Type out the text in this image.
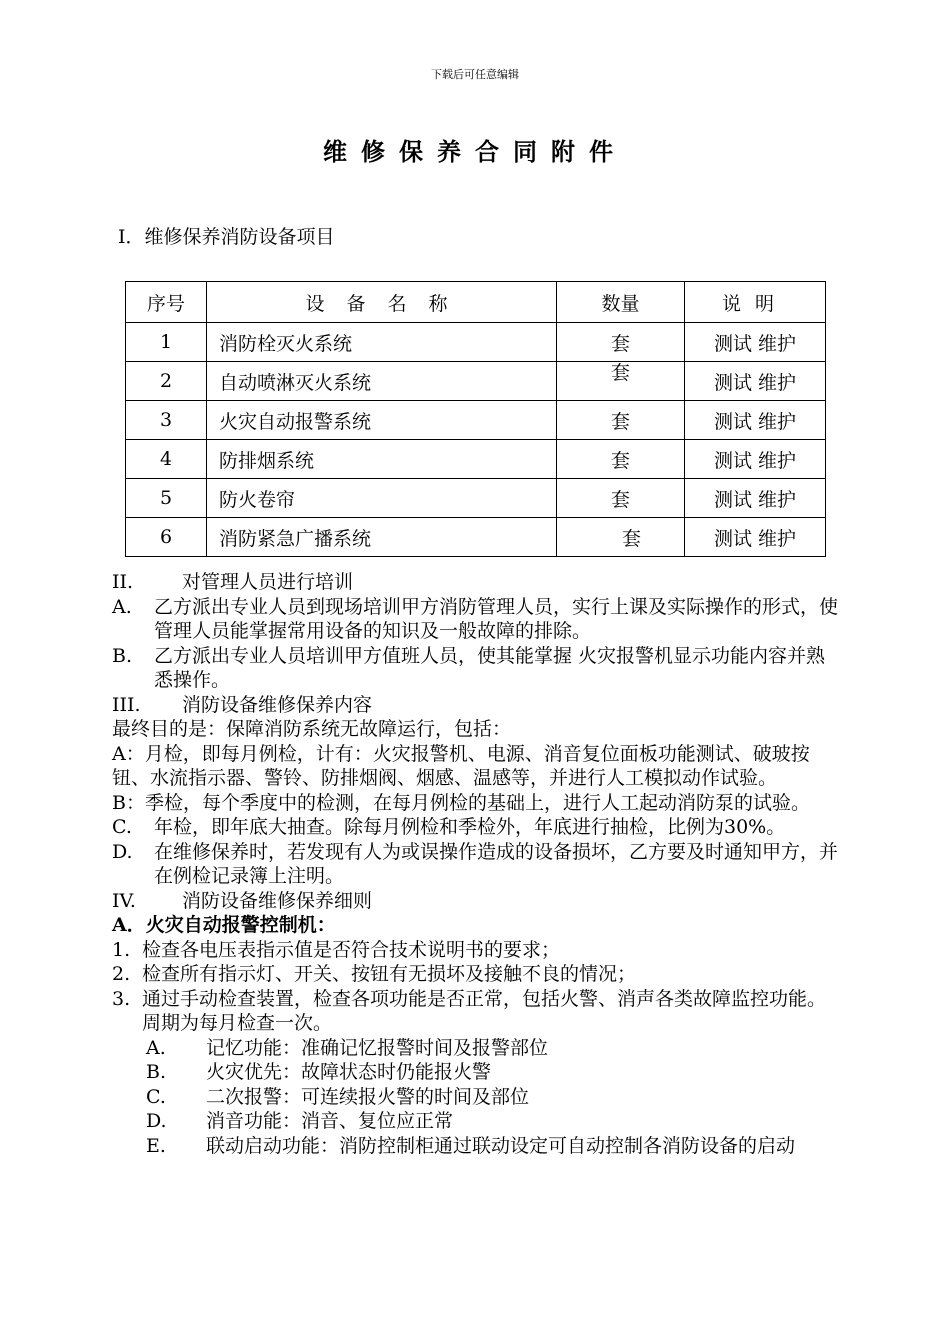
下载后可任意编辑
维修保养合同附件
I．维修保养消防设备项目
序号	设备名称	数量	说明
1	消防栓灭火系统	套	测试 维护
2	自动喷淋灭火系统	套	测试 维护
3	火灾自动报警系统	套	测试 维护
4	防排烟系统	套	测试 维护
5	防火卷帘	套	测试 维护
6	消防紧急广播系统	套	测试 维护
II.	对管理人员进行培训
A.	乙方派出专业人员到现场培训甲方消防管理人员，实行上课及实际操作的形式，使管理人员能掌握常用设备的知识及一般故障的排除。
B.	乙方派出专业人员培训甲方值班人员，使其能掌握 火灾报警机显示功能内容并熟悉操作。
III.	消防设备维修保养内容
最终目的是：保障消防系统无故障运行，包括：
A：月检，即每月例检，计有：火灾报警机、电源、消音复位面板功能测试、破玻按钮、水流指示器、警铃、防排烟阀、烟感、温感等，并进行人工模拟动作试验。
B：季检，每个季度中的检测，在每月例检的基础上，进行人工起动消防泵的试验。
C.	年检，即年底大抽查。除每月例检和季检外，年底进行抽检，比例为30%。
D.	在维修保养时，若发现有人为或误操作造成的设备损坏，乙方要及时通知甲方，并在例检记录簿上注明。
IV.	消防设备维修保养细则
A．火灾自动报警控制机：
1. 检查各电压表指示值是否符合技术说明书的要求；
2. 检查所有指示灯、开关、按钮有无损坏及接触不良的情况；
3. 通过手动检查装置，检查各项功能是否正常，包括火警、消声各类故障监控功能。周期为每月检查一次。
A.	记忆功能：准确记忆报警时间及报警部位
B.	火灾优先：故障状态时仍能报火警
C.	二次报警：可连续报火警的时间及部位
D.	消音功能：消音、复位应正常
E.	联动启动功能：消防控制柜通过联动设定可自动控制各消防设备的启动
